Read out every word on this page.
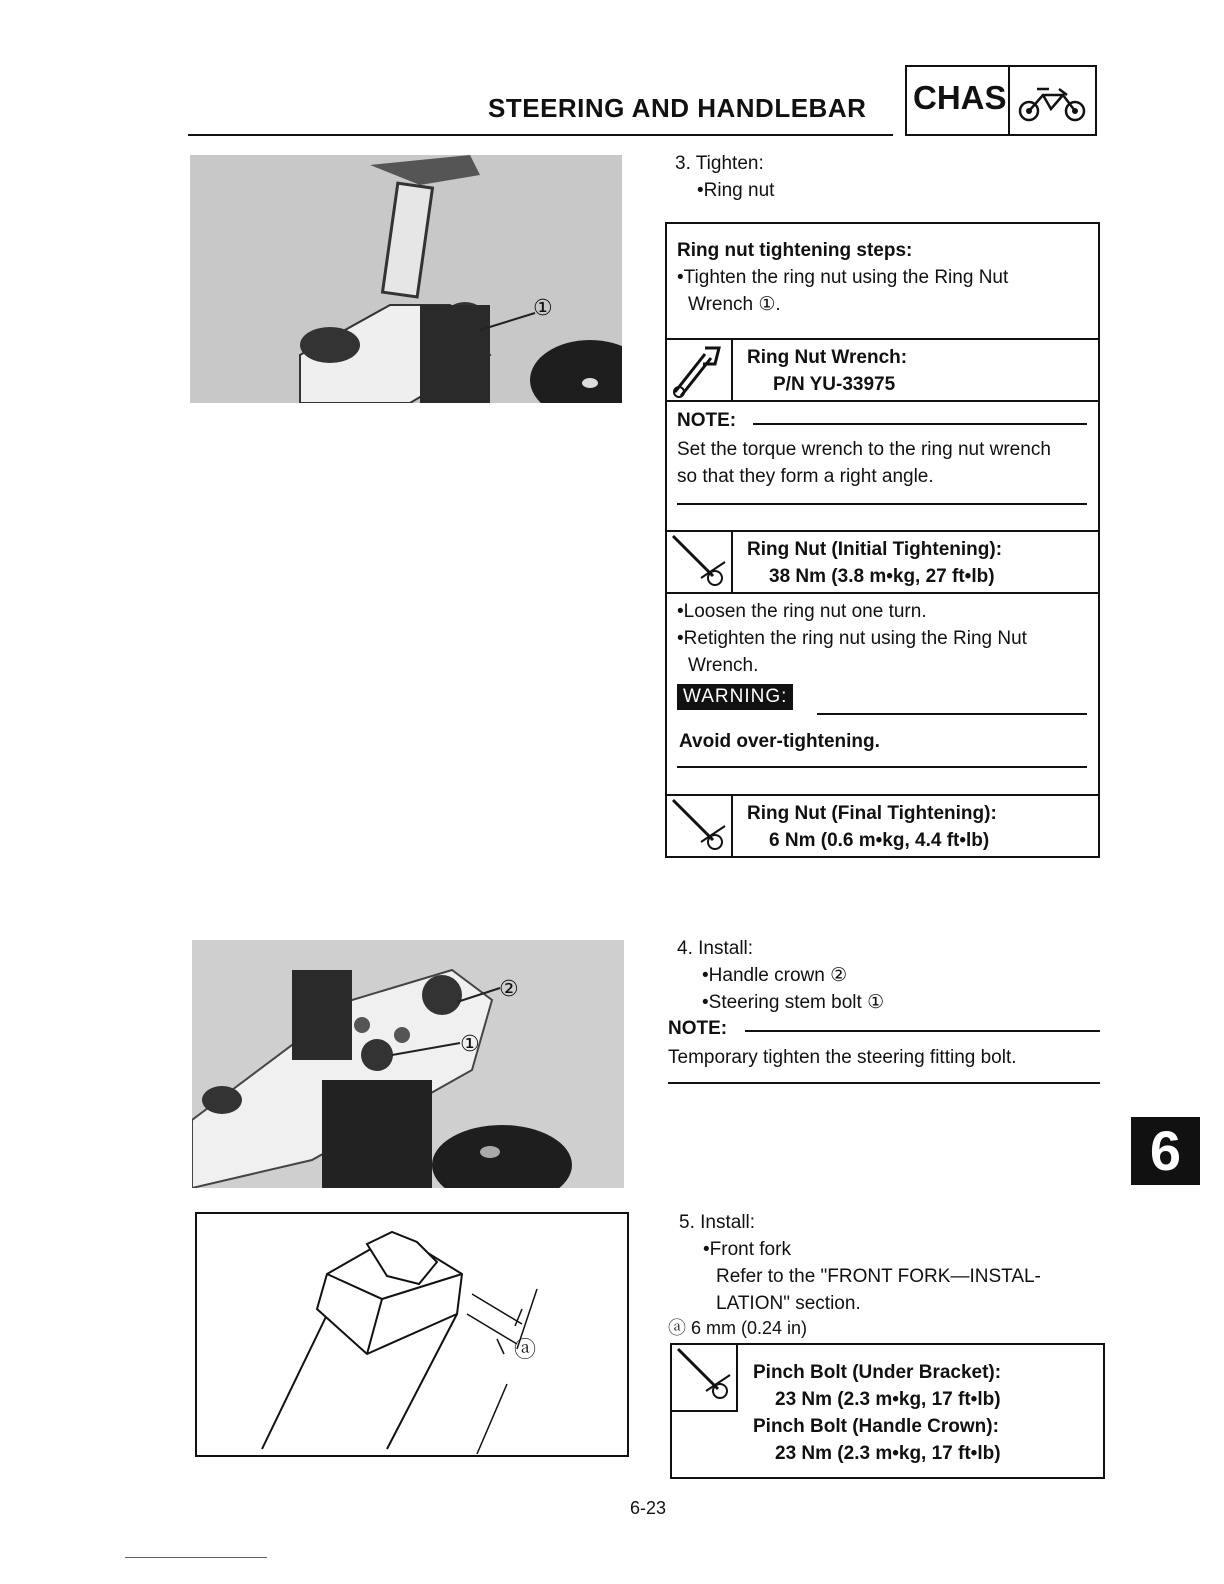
STEERING AND HANDLEBAR CHAS
①
3. Tighten:
•Ring nut
Ring nut tightening steps:
•Tighten the ring nut using the Ring Nut
Wrench ①.
Ring Nut Wrench:
P/N YU-33975
NOTE:
Set the torque wrench to the ring nut wrench
so that they form a right angle.
Ring Nut (Initial Tightening):
38 Nm (3.8 m•kg, 27 ft•lb)
•Loosen the ring nut one turn.
•Retighten the ring nut using the Ring Nut
Wrench.
WARNING:
Avoid over-tightening.
Ring Nut (Final Tightening):
6 Nm (0.6 m•kg, 4.4 ft•lb)
②
①
4. Install:
•Handle crown ②
•Steering stem bolt ①
NOTE:
Temporary tighten the steering fitting bolt.
6
ⓐ
5. Install:
•Front fork
Refer to the "FRONT FORK—INSTAL-
LATION" section.
ⓐ 6 mm (0.24 in)
Pinch Bolt (Under Bracket):
23 Nm (2.3 m•kg, 17 ft•lb)
Pinch Bolt (Handle Crown):
23 Nm (2.3 m•kg, 17 ft•lb)
6-23
